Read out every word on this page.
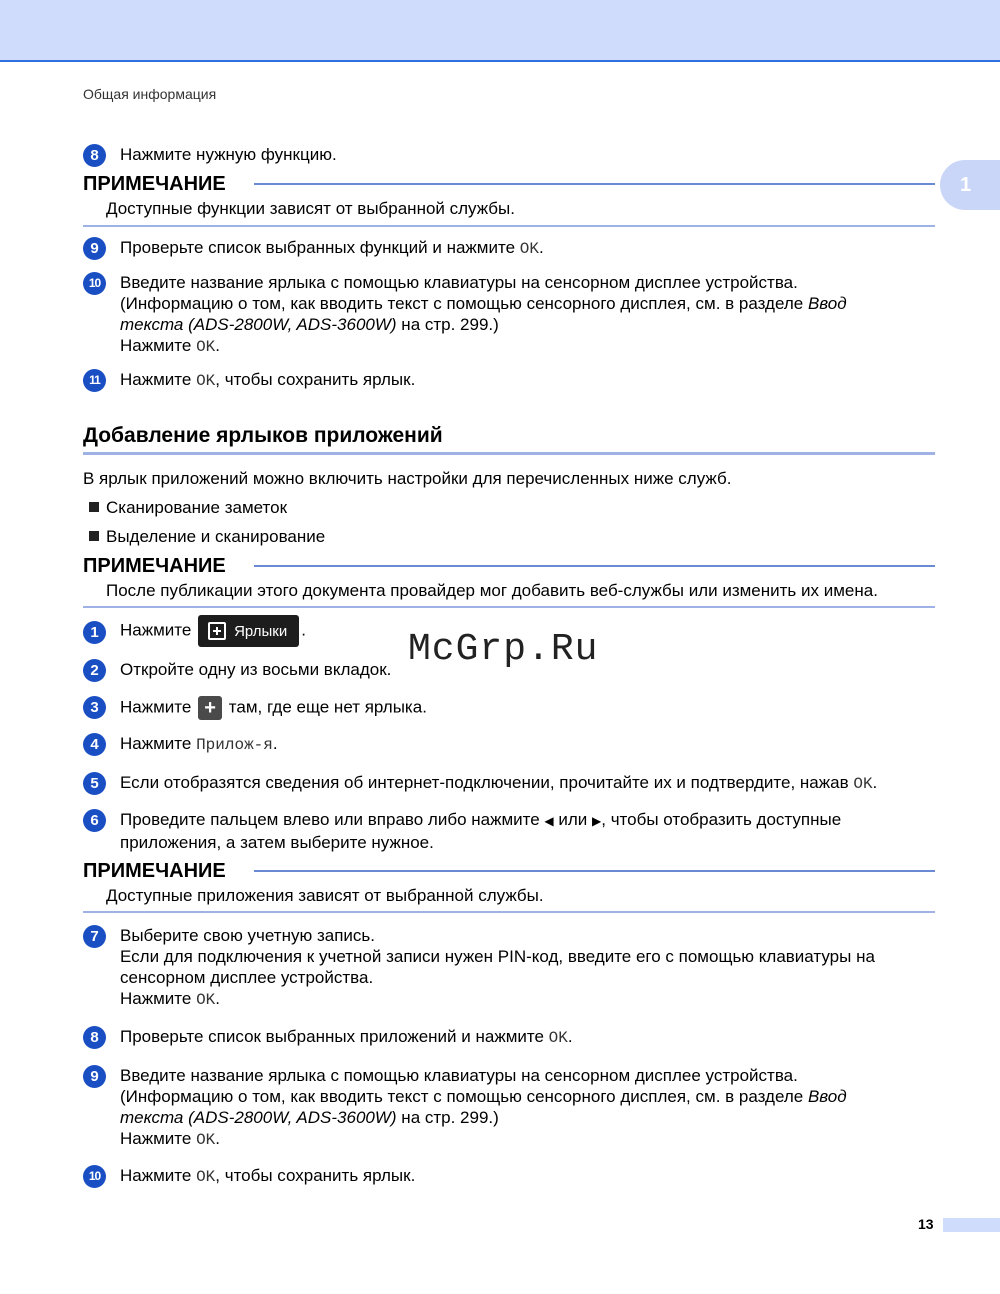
Общая информация
1
8	Нажмите нужную функцию.
ПРИМЕЧАНИЕ
Доступные функции зависят от выбранной службы.
9	Проверьте список выбранных функций и нажмите OK.
10	Введите название ярлыка с помощью клавиатуры на сенсорном дисплее устройства.
(Информацию о том, как вводить текст с помощью сенсорного дисплея, см. в разделе Ввод
текста (ADS-2800W, ADS-3600W) на стр. 299.)
Нажмите OK.
11	Нажмите OK, чтобы сохранить ярлык.
Добавление ярлыков приложений
В ярлык приложений можно включить настройки для перечисленных ниже служб.
Сканирование заметок
Выделение и сканирование
ПРИМЕЧАНИЕ
После публикации этого документа провайдер мог добавить веб-службы или изменить их имена.
1	Нажмите	Ярлыки .	McGrp.Ru
2	Откройте одну из восьми вкладок.
3	Нажмите + там, где еще нет ярлыка.
4	Нажмите Прилож-я.
5	Если отобразятся сведения об интернет-подключении, прочитайте их и подтвердите, нажав OK.
6	Проведите пальцем влево или вправо либо нажмите ◀ или ▶, чтобы отобразить доступные
приложения, а затем выберите нужное.
ПРИМЕЧАНИЕ
Доступные приложения зависят от выбранной службы.
7	Выберите свою учетную запись.
Если для подключения к учетной записи нужен PIN-код, введите его с помощью клавиатуры на
сенсорном дисплее устройства.
Нажмите OK.
8	Проверьте список выбранных приложений и нажмите OK.
9	Введите название ярлыка с помощью клавиатуры на сенсорном дисплее устройства.
(Информацию о том, как вводить текст с помощью сенсорного дисплея, см. в разделе Ввод
текста (ADS-2800W, ADS-3600W) на стр. 299.)
Нажмите OK.
10	Нажмите OK, чтобы сохранить ярлык.
13
